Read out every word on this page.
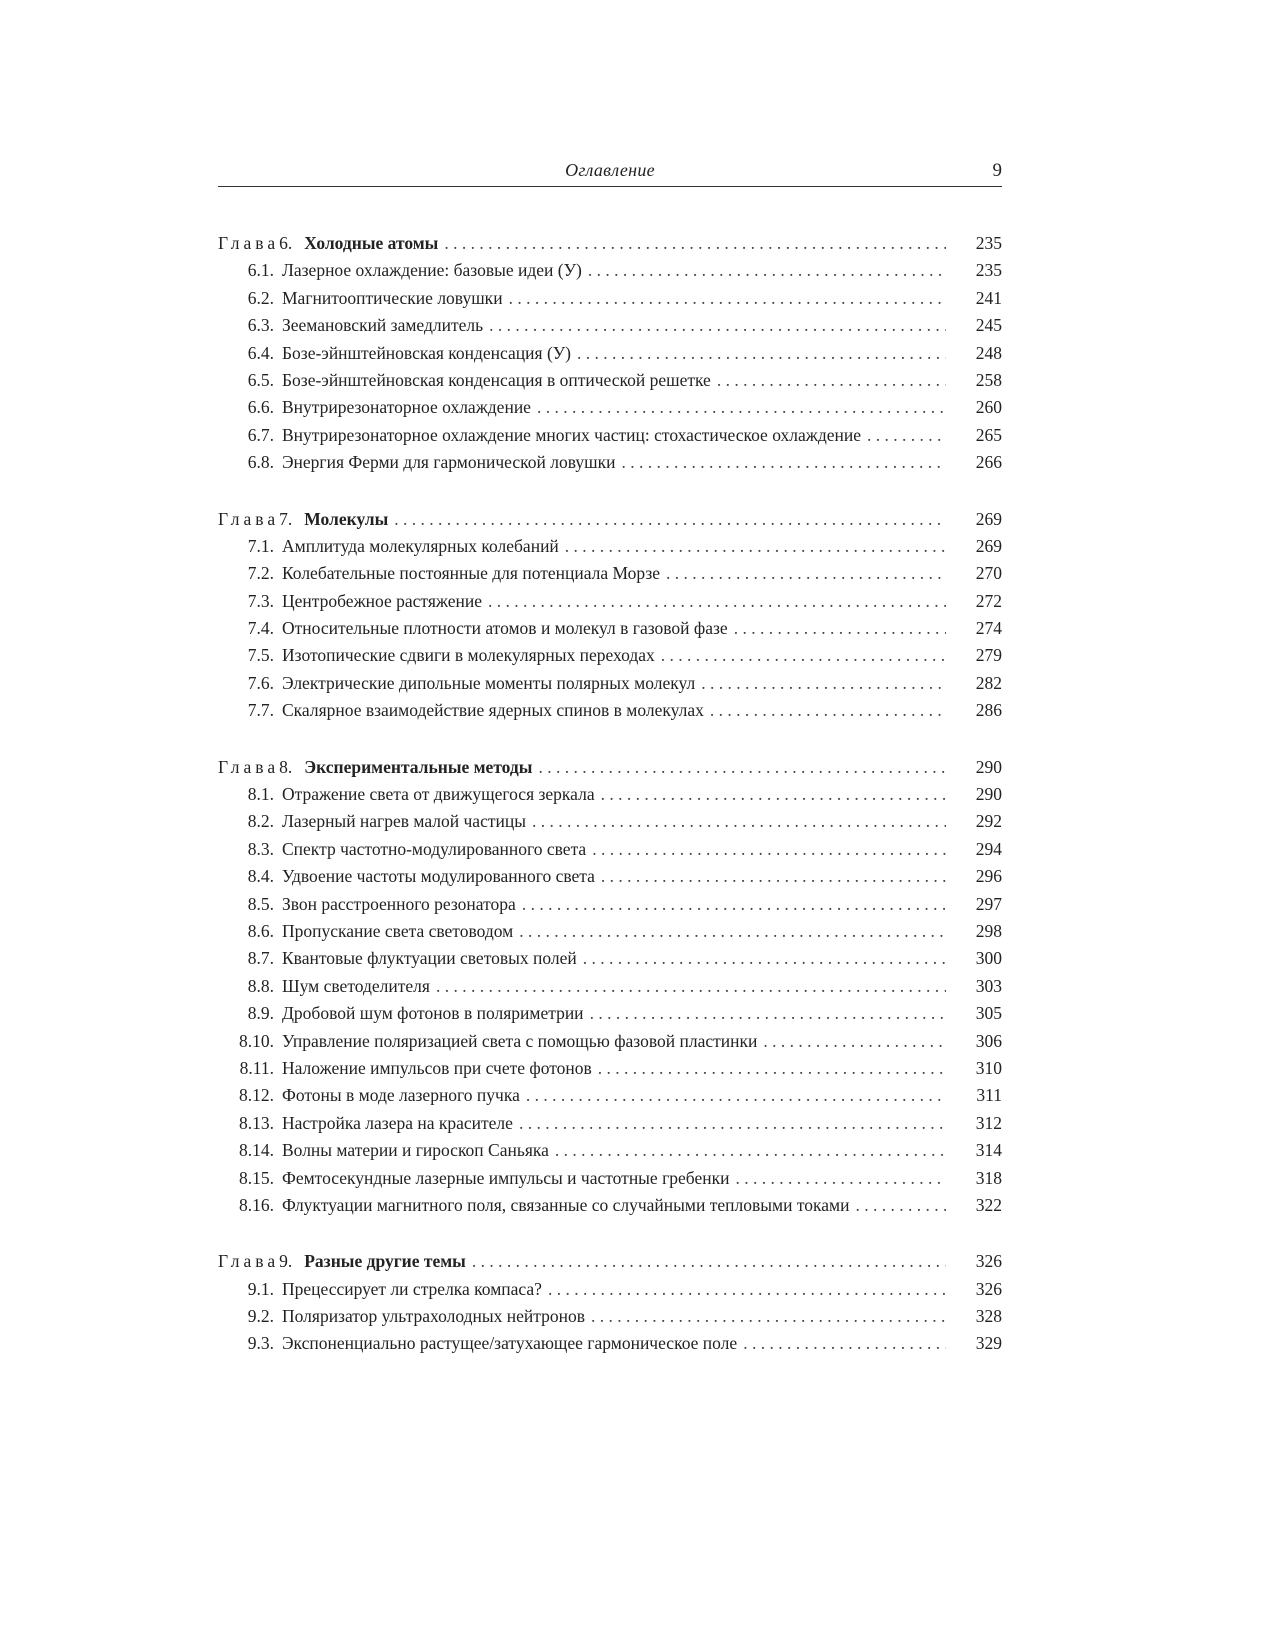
Оглавление	9
Глава 6. Холодные атомы . . .	235
6.1. Лазерное охлаждение: базовые идеи (У) . . .	235
6.2. Магнитооптические ловушки . . .	241
6.3. Зеемановский замедлитель . . .	245
6.4. Бозе-эйнштейновская конденсация (У) . . .	248
6.5. Бозе-эйнштейновская конденсация в оптической решетке . . .	258
6.6. Внутрирезонаторное охлаждение . . .	260
6.7. Внутрирезонаторное охлаждение многих частиц: стохастическое охлаждение . . .	265
6.8. Энергия Ферми для гармонической ловушки . . .	266
Глава 7. Молекулы . . .	269
7.1. Амплитуда молекулярных колебаний . . .	269
7.2. Колебательные постоянные для потенциала Морзе . . .	270
7.3. Центробежное растяжение . . .	272
7.4. Относительные плотности атомов и молекул в газовой фазе . . .	274
7.5. Изотопические сдвиги в молекулярных переходах . . .	279
7.6. Электрические дипольные моменты полярных молекул . . .	282
7.7. Скалярное взаимодействие ядерных спинов в молекулах . . .	286
Глава 8. Экспериментальные методы . . .	290
8.1. Отражение света от движущегося зеркала . . .	290
8.2. Лазерный нагрев малой частицы . . .	292
8.3. Спектр частотно-модулированного света . . .	294
8.4. Удвоение частоты модулированного света . . .	296
8.5. Звон расстроенного резонатора . . .	297
8.6. Пропускание света световодом . . .	298
8.7. Квантовые флуктуации световых полей . . .	300
8.8. Шум светоделителя . . .	303
8.9. Дробовой шум фотонов в поляриметрии . . .	305
8.10. Управление поляризацией света с помощью фазовой пластинки . . .	306
8.11. Наложение импульсов при счете фотонов . . .	310
8.12. Фотоны в моде лазерного пучка . . .	311
8.13. Настройка лазера на красителе . . .	312
8.14. Волны материи и гироскоп Саньяка . . .	314
8.15. Фемтосекундные лазерные импульсы и частотные гребенки . . .	318
8.16. Флуктуации магнитного поля, связанные со случайными тепловыми токами . . .	322
Глава 9. Разные другие темы . . .	326
9.1. Прецессирует ли стрелка компаса? . . .	326
9.2. Поляризатор ультрахолодных нейтронов . . .	328
9.3. Экспоненциально растущее/затухающее гармоническое поле . . .	329
